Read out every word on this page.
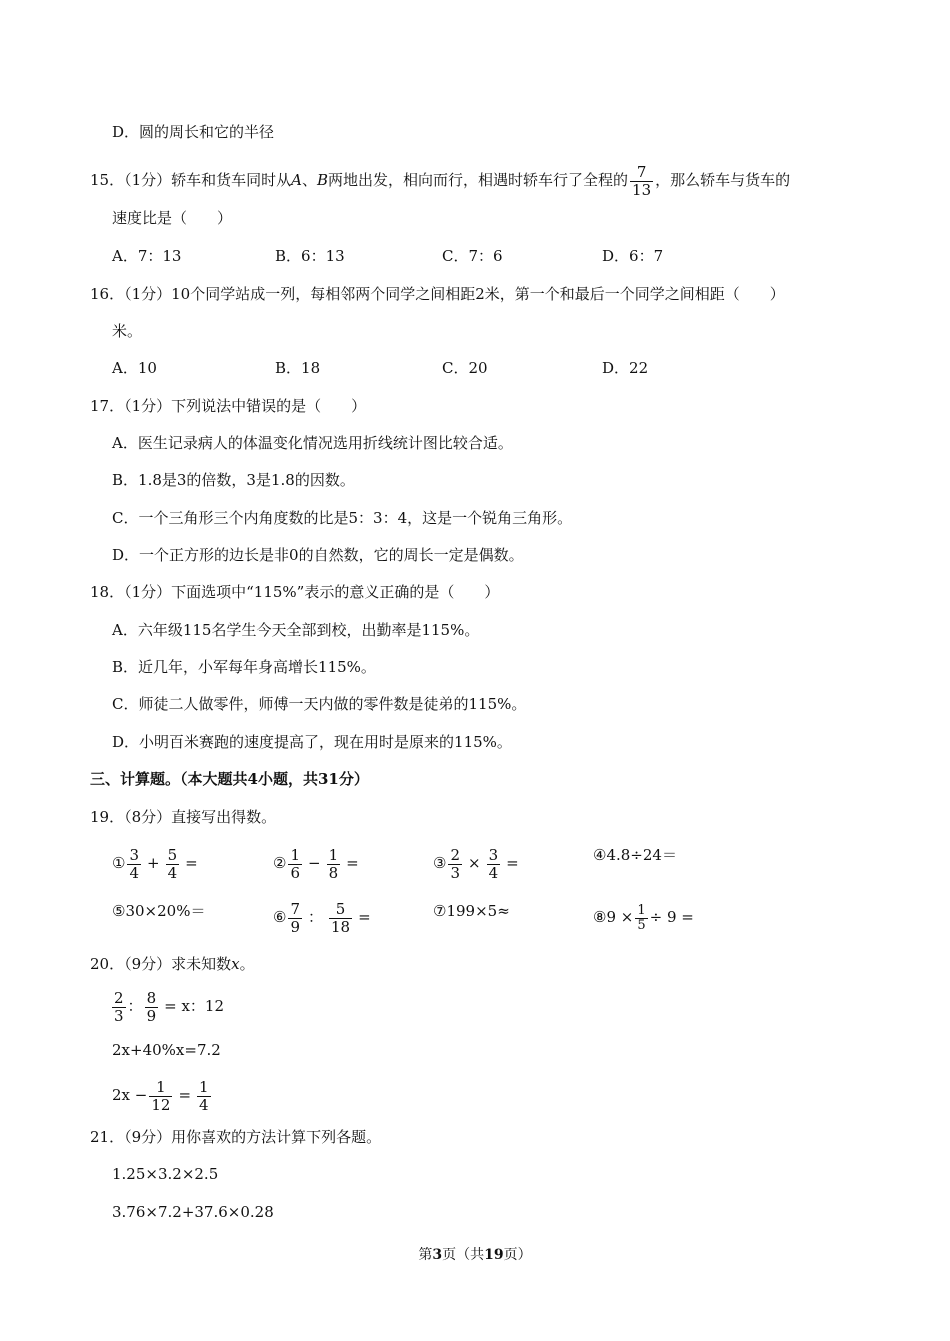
D．圆的周长和它的半径
15．（1分）轿车和货车同时从A、B两地出发，相向而行，相遇时轿车行了全程的 $\frac{7}{13}$ ，那么轿车与货车的
速度比是（　　）
A．7：13	B．6：13	C．7：6	D．6：7
16．（1分）10个同学站成一列，每相邻两个同学之间相距2米，第一个和最后一个同学之间相距（　　）
米。
A．10	B．18	C．20	D．22
17．（1分）下列说法中错误的是（　　）
A．医生记录病人的体温变化情况选用折线统计图比较合适。
B．1.8是3的倍数，3是1.8的因数。
C．一个三角形三个内角度数的比是5：3：4，这是一个锐角三角形。
D．一个正方形的边长是非0的自然数，它的周长一定是偶数。
18．（1分）下面选项中“115%”表示的意义正确的是（　　）
A．六年级115名学生今天全部到校，出勤率是115%。
B．近几年，小军每年身高增长115%。
C．师徒二人做零件，师傅一天内做的零件数是徒弟的115%。
D．小明百米赛跑的速度提高了，现在用时是原来的115%。
三、计算题。（本大题共4小题，共31分）
19．（8分）直接写出得数。
① $\frac{3}{4} + \frac{5}{4}$ =	② $\frac{1}{6} - \frac{1}{8}$ =	③ $\frac{2}{3} \times \frac{3}{4}$ =	④4.8÷24＝
⑤30×20%＝	⑥ $\frac{7}{9}$ ： $\frac{5}{18}$ =	⑦199×5≈	⑧9 × $\frac{1}{5} \div 9$ =
20．（9分）求未知数x。
$\frac{2}{3}$ ： $\frac{8}{9} = x$：12
2x+40%x=7.2
$2x - \frac{1}{12} = \frac{1}{4}$
21．（9分）用你喜欢的方法计算下列各题。
1.25×3.2×2.5
3.76×7.2+37.6×0.28
第3页（共19页）
